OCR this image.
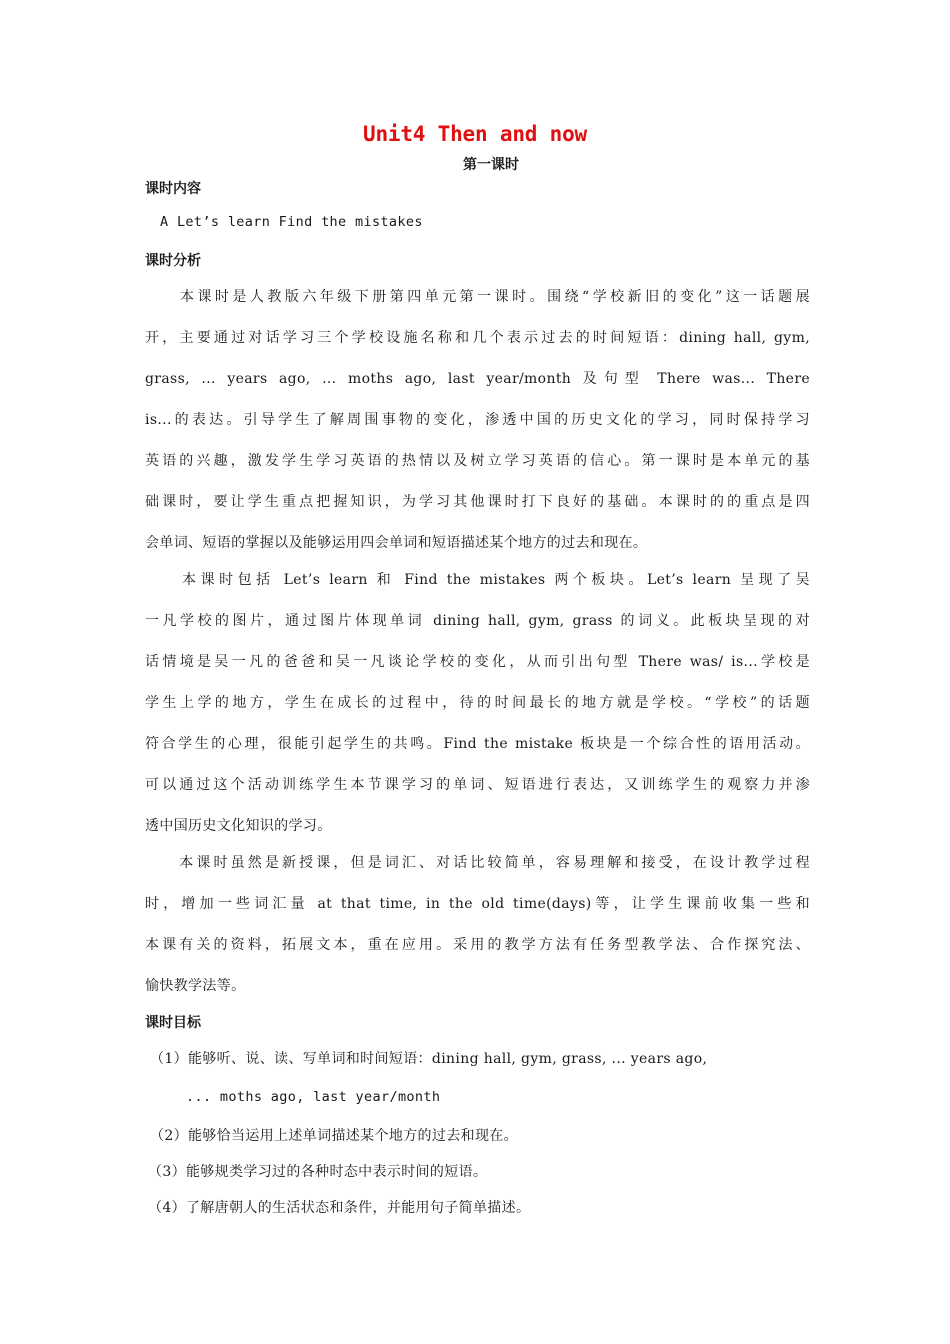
Unit4 Then and now
第一课时
课时内容
A Let’s learn Find the mistakes
课时分析
　　本课时是人教版六年级下册第四单元第一课时。围绕“学校新旧的变化”这一话题展
开，主要通过对话学习三个学校设施名称和几个表示过去的时间短语：dining hall, gym,
grass, ... years ago, ... moths ago, last year/month 及句型 There was... There
is...的表达。引导学生了解周围事物的变化，渗透中国的历史文化的学习，同时保持学习
英语的兴趣，激发学生学习英语的热情以及树立学习英语的信心。第一课时是本单元的基
础课时，要让学生重点把握知识，为学习其他课时打下良好的基础。本课时的的重点是四
会单词、短语的掌握以及能够运用四会单词和短语描述某个地方的过去和现在。
　　本课时包括 Let’s learn 和 Find the mistakes 两个板块。Let’s learn 呈现了吴
一凡学校的图片，通过图片体现单词 dining hall, gym, grass 的词义。此板块呈现的对
话情境是吴一凡的爸爸和吴一凡谈论学校的变化，从而引出句型 There was/ is...学校是
学生上学的地方，学生在成长的过程中，待的时间最长的地方就是学校。“学校”的话题
符合学生的心理，很能引起学生的共鸣。Find the mistake 板块是一个综合性的语用活动。
可以通过这个活动训练学生本节课学习的单词、短语进行表达，又训练学生的观察力并渗
透中国历史文化知识的学习。
　　本课时虽然是新授课，但是词汇、对话比较简单，容易理解和接受，在设计教学过程
时，增加一些词汇量 at that time, in the old time(days)等，让学生课前收集一些和
本课有关的资料，拓展文本，重在应用。采用的教学方法有任务型教学法、合作探究法、
愉快教学法等。
课时目标
（1）能够听、说、读、写单词和时间短语：dining hall, gym, grass, ... years ago,
... moths ago, last year/month
（2）能够恰当运用上述单词描述某个地方的过去和现在。
（3）能够规类学习过的各种时态中表示时间的短语。
（4）了解唐朝人的生活状态和条件，并能用句子简单描述。
